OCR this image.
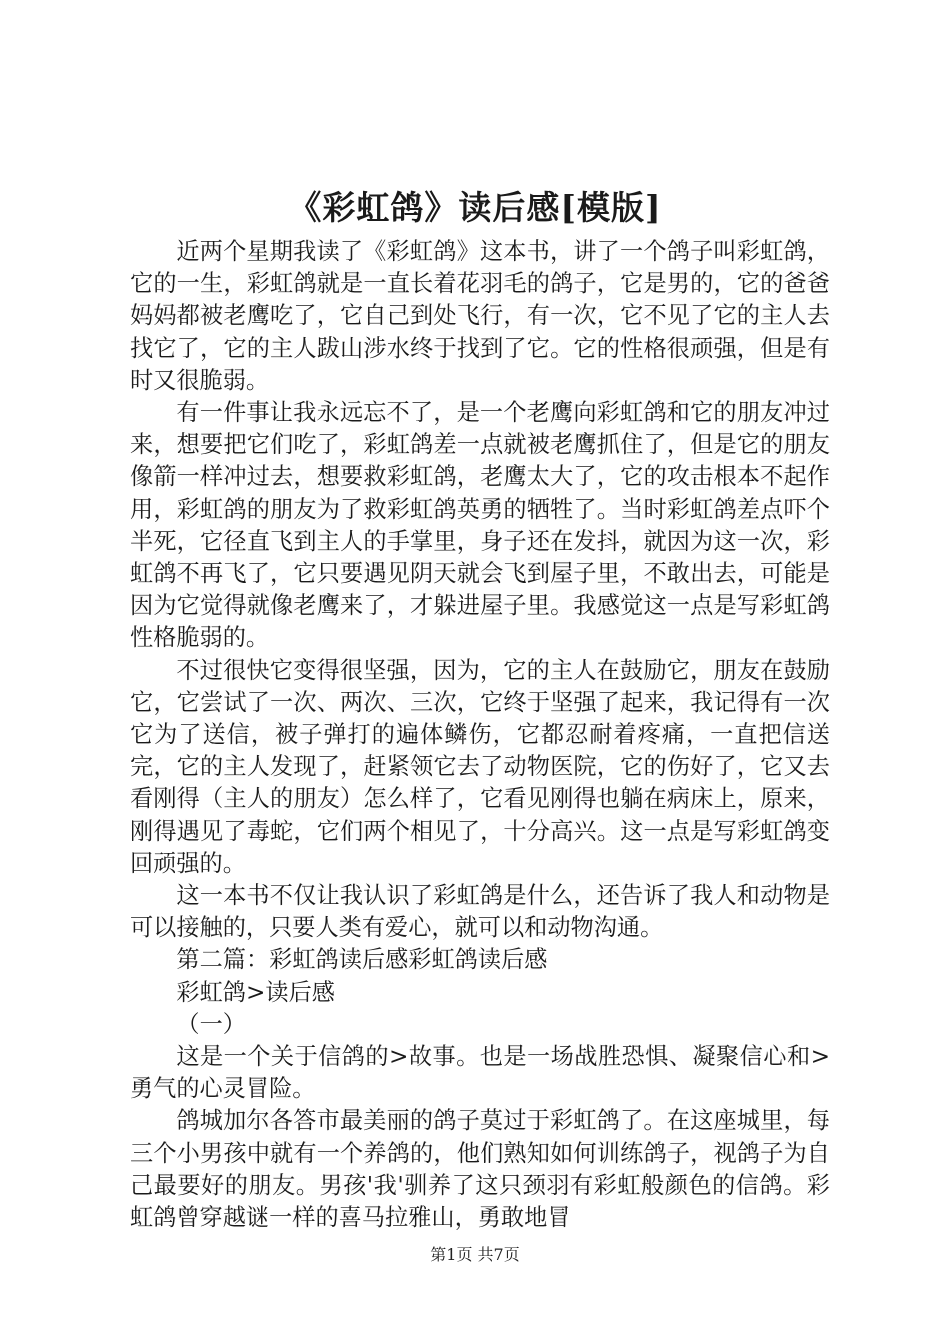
《彩虹鸽》读后感[模版]

近两个星期我读了《彩虹鸽》这本书，讲了一个鸽子叫彩虹鸽，它的一生，彩虹鸽就是一直长着花羽毛的鸽子，它是男的，它的爸爸妈妈都被老鹰吃了，它自己到处飞行，有一次，它不见了它的主人去找它了，它的主人跋山涉水终于找到了它。它的性格很顽强，但是有时又很脆弱。

有一件事让我永远忘不了，是一个老鹰向彩虹鸽和它的朋友冲过来，想要把它们吃了，彩虹鸽差一点就被老鹰抓住了，但是它的朋友像箭一样冲过去，想要救彩虹鸽，老鹰太大了，它的攻击根本不起作用，彩虹鸽的朋友为了救彩虹鸽英勇的牺牲了。当时彩虹鸽差点吓个半死，它径直飞到主人的手掌里，身子还在发抖，就因为这一次，彩虹鸽不再飞了，它只要遇见阴天就会飞到屋子里，不敢出去，可能是因为它觉得就像老鹰来了，才躲进屋子里。我感觉这一点是写彩虹鸽性格脆弱的。

不过很快它变得很坚强，因为，它的主人在鼓励它，朋友在鼓励它，它尝试了一次、两次、三次，它终于坚强了起来，我记得有一次它为了送信，被子弹打的遍体鳞伤，它都忍耐着疼痛，一直把信送完，它的主人发现了，赶紧领它去了动物医院，它的伤好了，它又去看刚得（主人的朋友）怎么样了，它看见刚得也躺在病床上，原来，刚得遇见了毒蛇，它们两个相见了，十分高兴。这一点是写彩虹鸽变回顽强的。

这一本书不仅让我认识了彩虹鸽是什么，还告诉了我人和动物是可以接触的，只要人类有爱心，就可以和动物沟通。

第二篇：彩虹鸽读后感彩虹鸽读后感

彩虹鸽>读后感

（一）

这是一个关于信鸽的>故事。也是一场战胜恐惧、凝聚信心和>勇气的心灵冒险。

鸽城加尔各答市最美丽的鸽子莫过于彩虹鸽了。在这座城里，每三个小男孩中就有一个养鸽的，他们熟知如何训练鸽子，视鸽子为自己最要好的朋友。男孩'我'驯养了这只颈羽有彩虹般颜色的信鸽。彩虹鸽曾穿越谜一样的喜马拉雅山，勇敢地冒

第1页 共7页
